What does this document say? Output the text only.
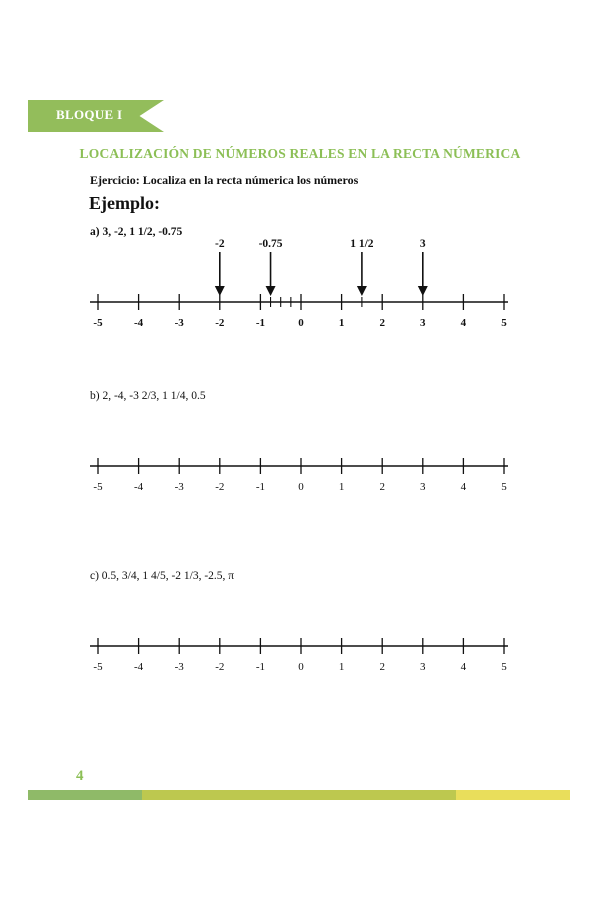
BLOQUE I
LOCALIZACIÓN DE NÚMEROS REALES EN LA RECTA NÚMERICA
Ejercicio: Localiza en la recta númerica los números
Ejemplo:
a) 3, -2, 1 1/2, -0.75
-5	-4	-3	-2	-1	0	1	2	3	4	5
-2	-0.75	1 1/2	3
b) 2, -4, -3 2/3, 1 1/4, 0.5
-5	-4	-3	-2	-1	0	1	2	3	4	5
c) 0.5, 3/4, 1 4/5, -2 1/3, -2.5, π
-5	-4	-3	-2	-1	0	1	2	3	4	5
4
